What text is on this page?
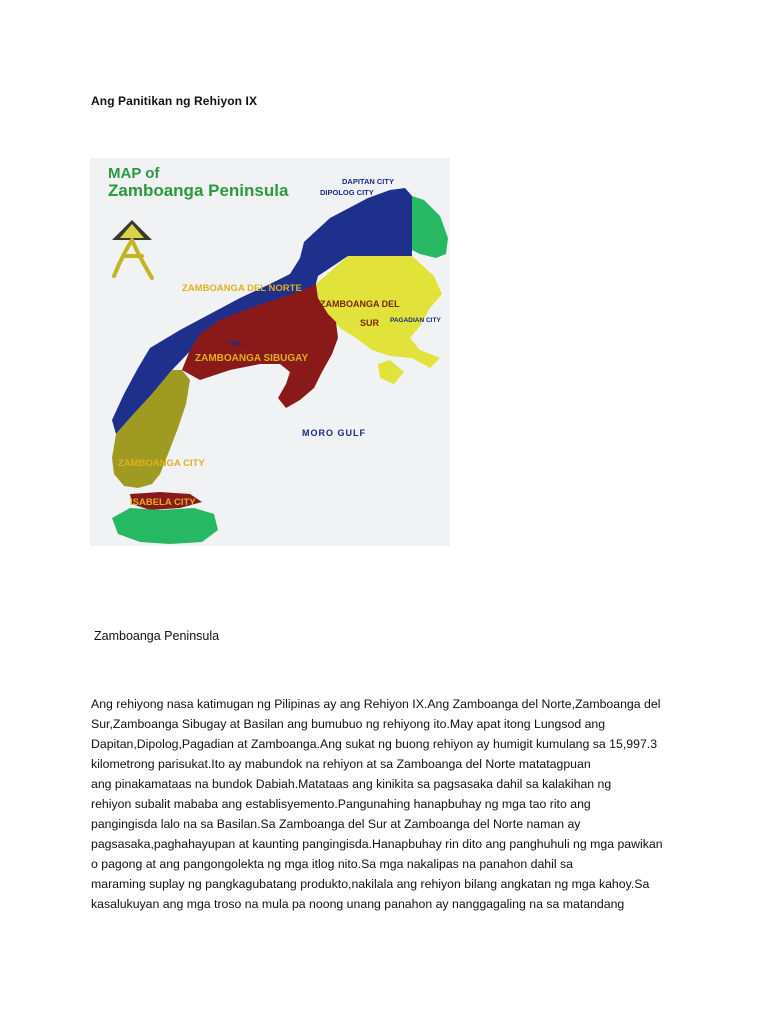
Ang Panitikan ng Rehiyon IX
MAP of
Zamboanga Peninsula	DAPITAN CITY
DIPOLOG CITY
ZAMBOANGA DEL NORTE
ZAMBOANGA DEL
SUR PAGADIAN CITY
IPIL
ZAMBOANGA SIBUGAY
MORO GULF
ZAMBOANGA CITY
ISABELA CITY
Zamboanga Peninsula
Ang rehiyong nasa katimugan ng Pilipinas ay ang Rehiyon IX.Ang Zamboanga del Norte,Zamboanga del
Sur,Zamboanga Sibugay at Basilan ang bumubuo ng rehiyong ito.May apat itong Lungsod ang
Dapitan,Dipolog,Pagadian at Zamboanga.Ang sukat ng buong rehiyon ay humigit kumulang sa 15,997.3
kilometrong parisukat.Ito ay mabundok na rehiyon at sa Zamboanga del Norte matatagpuan
ang pinakamataas na bundok Dabiah.Matataas ang kinikita sa pagsasaka dahil sa kalakihan ng
rehiyon subalit mababa ang establisyemento.Pangunahing hanapbuhay ng mga tao rito ang
pangingisda lalo na sa Basilan.Sa Zamboanga del Sur at Zamboanga del Norte naman ay
pagsasaka,paghahayupan at kaunting pangingisda.Hanapbuhay rin dito ang panghuhuli ng mga pawikan
o pagong at ang pangongolekta ng mga itlog nito.Sa mga nakalipas na panahon dahil sa
maraming suplay ng pangkagubatang produkto,nakilala ang rehiyon bilang angkatan ng mga kahoy.Sa
kasalukuyan ang mga troso na mula pa noong unang panahon ay nanggagaling na sa matandang
